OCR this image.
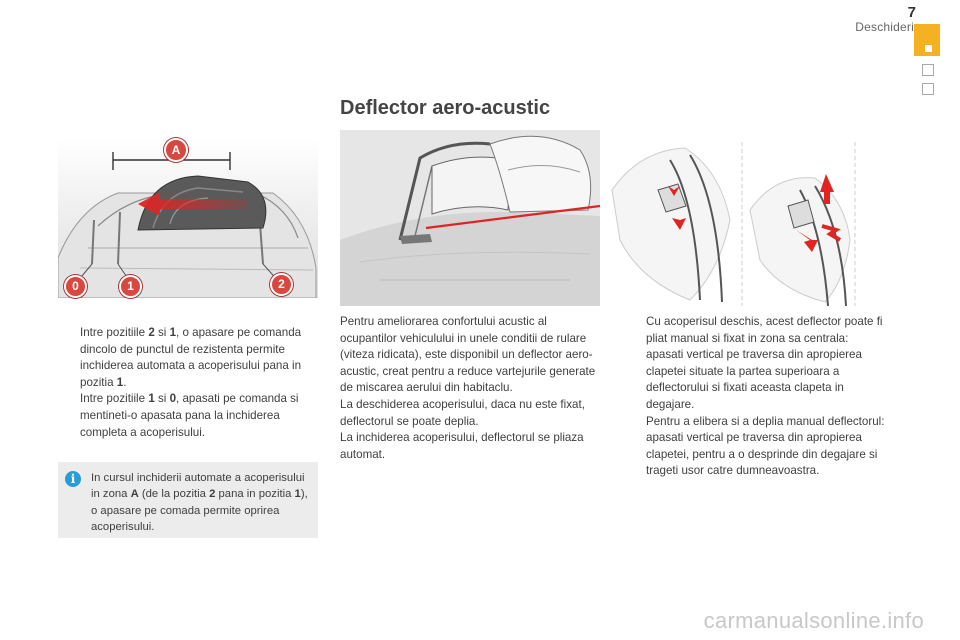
7
Deschideri
Deflector aero-acustic
A
0	1	2

Intre pozitiile 2 si 1, o apasare pe comanda dincolo de punctul de rezistenta permite inchiderea automata a acoperisului pana in pozitia 1.

Intre pozitiile 1 si 0, apasati pe comanda si mentineti-o apasata pana la inchiderea completa a acoperisului.

i	In cursul inchiderii automate a acoperisului in zona A (de la pozitia 2 pana in pozitia 1), o apasare pe comada permite oprirea acoperisului.

Pentru ameliorarea confortului acustic al ocupantilor vehiculului in unele conditii de rulare (viteza ridicata), este disponibil un deflector aero-acustic, creat pentru a reduce vartejurile generate de miscarea aerului din habitaclu.

La deschiderea acoperisului, daca nu este fixat, deflectorul se poate deplia.

La inchiderea acoperisului, deflectorul se pliaza automat.

Cu acoperisul deschis, acest deflector poate fi pliat manual si fixat in zona sa centrala: apasati vertical pe traversa din apropierea clapetei situate la partea superioara a deflectorului si fixati aceasta clapeta in degajare.

Pentru a elibera si a deplia manual deflectorul: apasati vertical pe traversa din apropierea clapetei, pentru a o desprinde din degajare si trageti usor catre dumneavoastra.

carmanualsonline.info
